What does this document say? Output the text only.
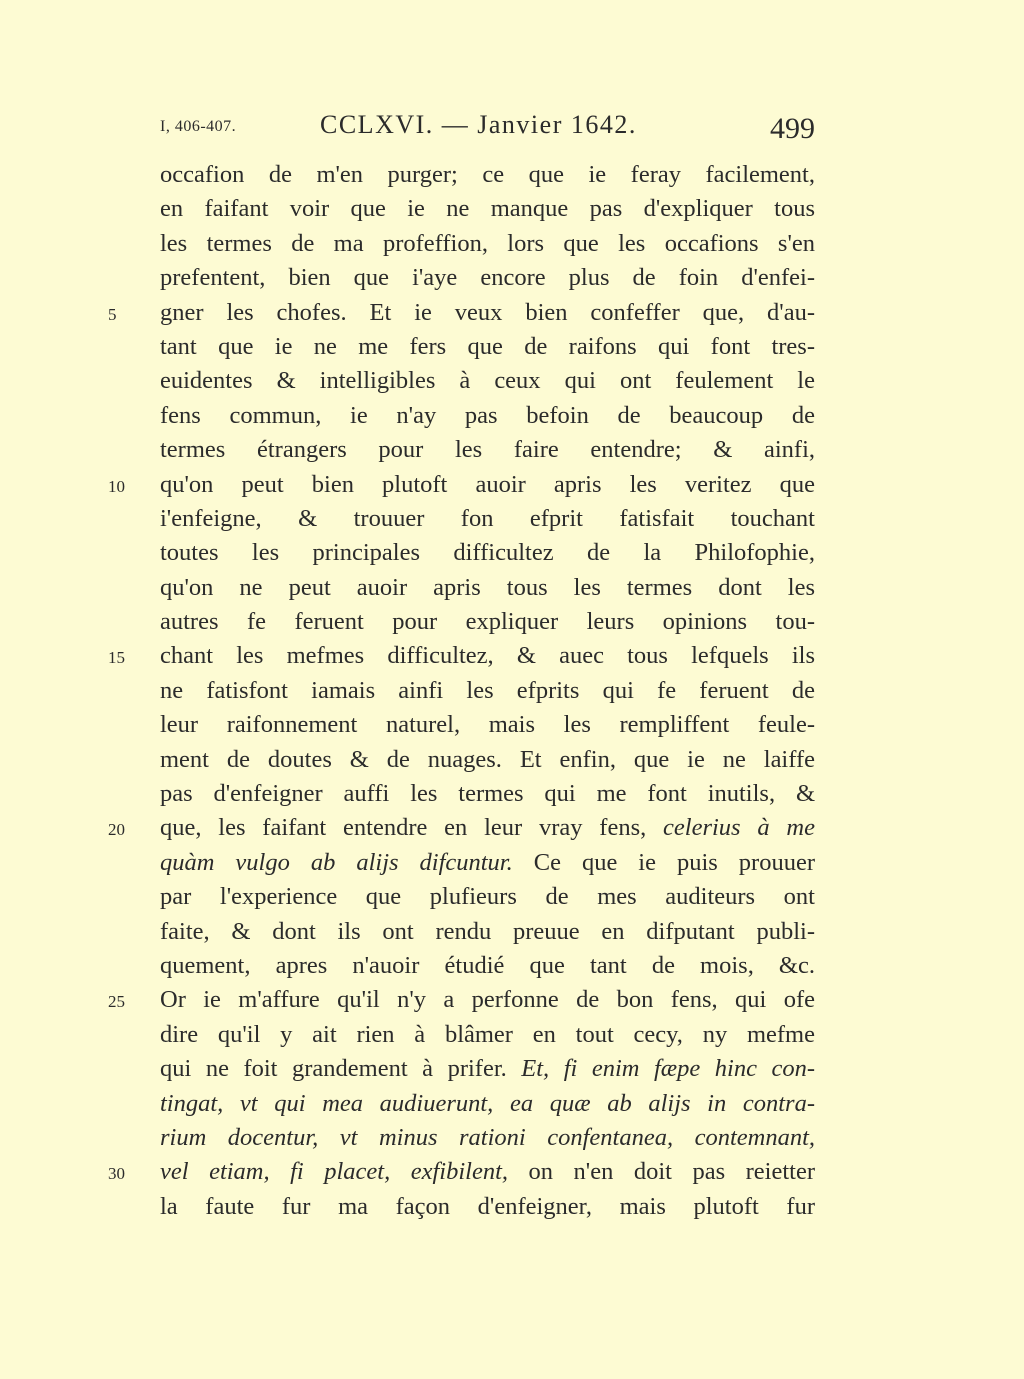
I, 406-407.	CCLXVI. — Janvier 1642.	499
occafion de m'en purger; ce que ie feray facilement,
en faifant voir que ie ne manque pas d'expliquer tous
les termes de ma profeffion, lors que les occafions s'en
prefentent, bien que i'aye encore plus de foin d'enfei-
5	gner les chofes. Et ie veux bien confeffer que, d'au-
tant que ie ne me fers que de raifons qui font tres-
euidentes & intelligibles à ceux qui ont feulement le
fens commun, ie n'ay pas befoin de beaucoup de
termes étrangers pour les faire entendre; & ainfi,
10	qu'on peut bien plutoft auoir apris les veritez que
i'enfeigne, & trouuer fon efprit fatisfait touchant
toutes les principales difficultez de la Philofophie,
qu'on ne peut auoir apris tous les termes dont les
autres fe feruent pour expliquer leurs opinions tou-
15	chant les mefmes difficultez, & auec tous lefquels ils
ne fatisfont iamais ainfi les efprits qui fe feruent de
leur raifonnement naturel, mais les rempliffent feule-
ment de doutes & de nuages. Et enfin, que ie ne laiffe
pas d'enfeigner auffi les termes qui me font inutils, &
20	que, les faifant entendre en leur vray fens, celerius à me
quàm vulgo ab alijs difcuntur. Ce que ie puis prouuer
par l'experience que plufieurs de mes auditeurs ont
faite, & dont ils ont rendu preuue en difputant publi-
quement, apres n'auoir étudié que tant de mois, &c.
25	Or ie m'affure qu'il n'y a perfonne de bon fens, qui ofe
dire qu'il y ait rien à blâmer en tout cecy, ny mefme
qui ne foit grandement à prifer. Et, fi enim fæpe hinc con-
tingat, vt qui mea audiuerunt, ea quæ ab alijs in contra-
rium docentur, vt minus rationi confentanea, contemnant,
30	vel etiam, fi placet, exfibilent, on n'en doit pas reietter
la faute fur ma façon d'enfeigner, mais plutoft fur
